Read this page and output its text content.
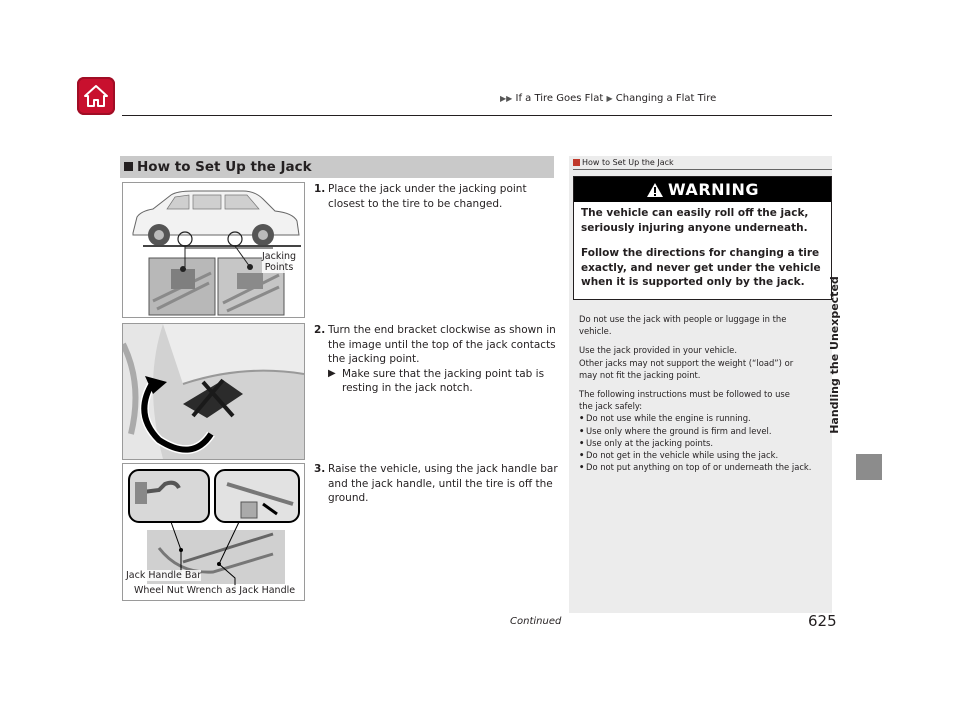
▶▶ If a Tire Goes Flat ▶ Changing a Flat Tire
How to Set Up the Jack
Jacking
Points
Jack Handle Bar
Wheel Nut Wrench as Jack Handle
1. Place the jack under the jacking point
closest to the tire to be changed.
2. Turn the end bracket clockwise as shown in
the image until the top of the jack contacts
the jacking point.
▶ Make sure that the jacking point tab is
resting in the jack notch.
3. Raise the vehicle, using the jack handle bar
and the jack handle, until the tire is off the
ground.
How to Set Up the Jack
WARNING
The vehicle can easily roll off the jack,
seriously injuring anyone underneath.
Follow the directions for changing a tire
exactly, and never get under the vehicle
when it is supported only by the jack.

Do not use the jack with people or luggage in the
vehicle.

Use the jack provided in your vehicle.
Other jacks may not support the weight (“load”) or
may not fit the jacking point.

The following instructions must be followed to use
the jack safely:

• Do not use while the engine is running.
• Use only where the ground is firm and level.
• Use only at the jacking points.
• Do not get in the vehicle while using the jack.
• Do not put anything on top of or underneath the jack.
Handling the Unexpected
Continued	625
